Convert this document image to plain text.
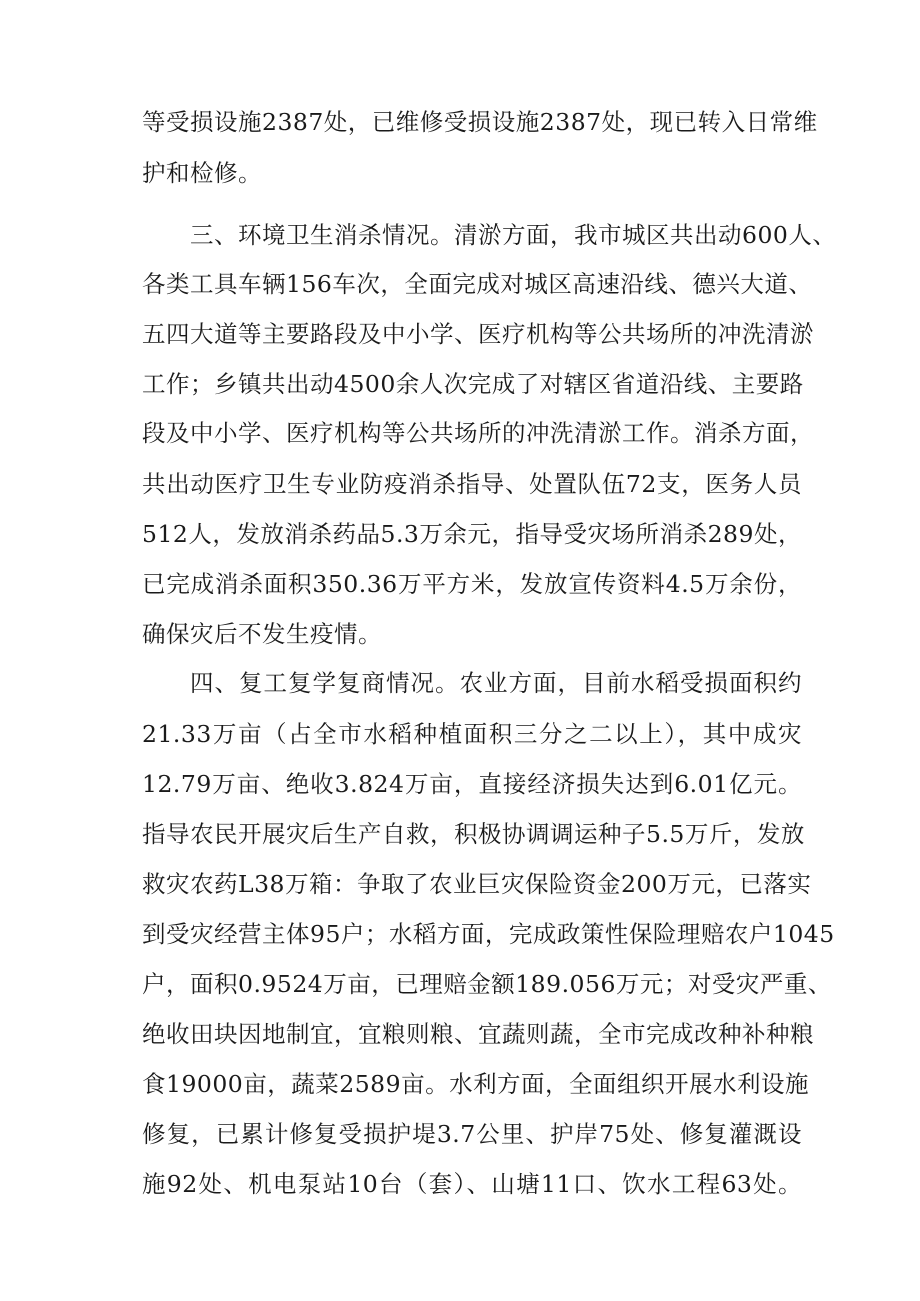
等受损设施2387处，已维修受损设施2387处，现已转入日常维
护和检修。
三、环境卫生消杀情况。清淤方面，我市城区共出动600人、
各类工具车辆156车次，全面完成对城区高速沿线、德兴大道、
五四大道等主要路段及中小学、医疗机构等公共场所的冲洗清淤
工作；乡镇共出动4500余人次完成了对辖区省道沿线、主要路
段及中小学、医疗机构等公共场所的冲洗清淤工作。消杀方面，
共出动医疗卫生专业防疫消杀指导、处置队伍72支，医务人员
512人，发放消杀药品5.3万余元，指导受灾场所消杀289处，
已完成消杀面积350.36万平方米，发放宣传资料4.5万余份，
确保灾后不发生疫情。
四、复工复学复商情况。农业方面，目前水稻受损面积约
21.33万亩（占全市水稻种植面积三分之二以上），其中成灾
12.79万亩、绝收3.824万亩，直接经济损失达到6.01亿元。
指导农民开展灾后生产自救，积极协调调运种子5.5万斤，发放
救灾农药L38万箱：争取了农业巨灾保险资金200万元，已落实
到受灾经营主体95户；水稻方面，完成政策性保险理赔农户1045
户，面积0.9524万亩，已理赔金额189.056万元；对受灾严重、
绝收田块因地制宜，宜粮则粮、宜蔬则蔬，全市完成改种补种粮
食19000亩，蔬菜2589亩。水利方面，全面组织开展水利设施
修复，已累计修复受损护堤3.7公里、护岸75处、修复灌溉设
施92处、机电泵站10台（套）、山塘11口、饮水工程63处。
